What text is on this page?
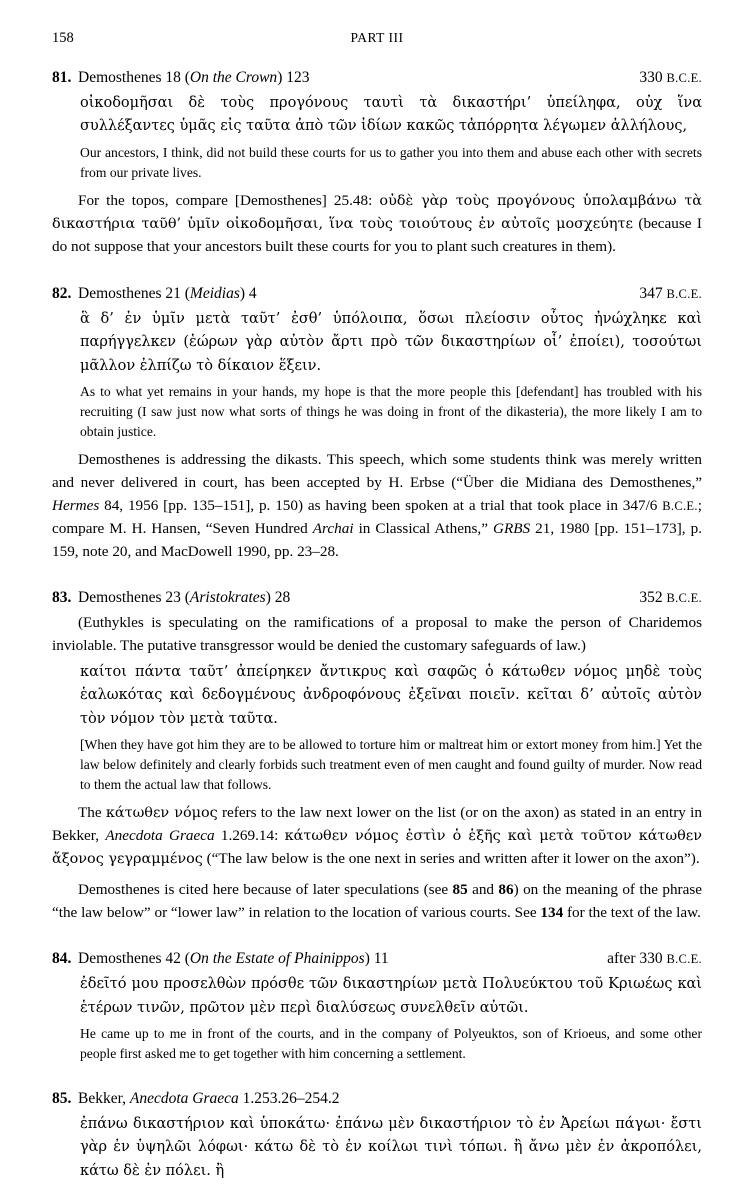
158	PART III
81. Demosthenes 18 (On the Crown) 123	330 B.C.E.
οἰκοδομῆσαι δὲ τοὺς προγόνους ταυτὶ τὰ δικαστήρι’ ὑπείληφα, οὐχ ἵνα συλλέξαντες ὑμᾶς εἰς ταῦτα ἀπὸ τῶν ἰδίων κακῶς τἀπόρρητα λέγωμεν ἀλλήλους,
Our ancestors, I think, did not build these courts for us to gather you into them and abuse each other with secrets from our private lives.
For the topos, compare [Demosthenes] 25.48: οὐδὲ γὰρ τοὺς προγόνους ὑπολαμβάνω τὰ δικαστήρια ταῦθ’ ὑμῖν οἰκοδομῆσαι, ἵνα τοὺς τοιούτους ἐν αὐτοῖς μοσχεύητε (because I do not suppose that your ancestors built these courts for you to plant such creatures in them).
82. Demosthenes 21 (Meidias) 4	347 B.C.E.
ἃ δ’ ἐν ὑμῖν μετὰ ταῦτ’ ἐσθ’ ὑπόλοιπα, ὅσωι πλείοσιν οὗτος ἠνώχληκε καὶ παρήγγελκεν (ἑώρων γὰρ αὐτὸν ἄρτι πρὸ τῶν δικαστηρίων οἷ’ ἐποίει), τοσούτωι μᾶλλον ἐλπίζω τὸ δίκαιον ἕξειν.
As to what yet remains in your hands, my hope is that the more people this [defendant] has troubled with his recruiting (I saw just now what sorts of things he was doing in front of the dikasteria), the more likely I am to obtain justice.
Demosthenes is addressing the dikasts. This speech, which some students think was merely written and never delivered in court, has been accepted by H. Erbse (“Über die Midiana des Demosthenes,” Hermes 84, 1956 [pp. 135–151], p. 150) as having been spoken at a trial that took place in 347/6 B.C.E.; compare M. H. Hansen, “Seven Hundred Archai in Classical Athens,” GRBS 21, 1980 [pp. 151–173], p. 159, note 20, and MacDowell 1990, pp. 23–28.
83. Demosthenes 23 (Aristokrates) 28	352 B.C.E.
(Euthykles is speculating on the ramifications of a proposal to make the person of Charidemos inviolable. The putative transgressor would be denied the customary safeguards of law.)
καίτοι πάντα ταῦτ’ ἀπείρηκεν ἄντικρυς καὶ σαφῶς ὁ κάτωθεν νόμος μηδὲ τοὺς ἑαλωκότας καὶ δεδογμένους ἀνδροφόνους ἐξεῖναι ποιεῖν. κεῖται δ’ αὐτοῖς αὐτὸν τὸν νόμον τὸν μετὰ ταῦτα.
[When they have got him they are to be allowed to torture him or maltreat him or extort money from him.] Yet the law below definitely and clearly forbids such treatment even of men caught and found guilty of murder. Now read to them the actual law that follows.
The κάτωθεν νόμος refers to the law next lower on the list (or on the axon) as stated in an entry in Bekker, Anecdota Graeca 1.269.14: κάτωθεν νόμος ἐστὶν ὁ ἑξῆς καὶ μετὰ τοῦτον κάτωθεν ἄξονος γεγραμμένος (“The law below is the one next in series and written after it lower on the axon”).
Demosthenes is cited here because of later speculations (see 85 and 86) on the meaning of the phrase “the law below” or “lower law” in relation to the location of various courts. See 134 for the text of the law.
84. Demosthenes 42 (On the Estate of Phainippos) 11	after 330 B.C.E.
ἐδεῖτό μου προσελθὼν πρόσθε τῶν δικαστηρίων μετὰ Πολυεύκτου τοῦ Κριωέως καὶ ἑτέρων τινῶν, πρῶτον μὲν περὶ διαλύσεως συνελθεῖν αὐτῶι.
He came up to me in front of the courts, and in the company of Polyeuktos, son of Krioeus, and some other people first asked me to get together with him concerning a settlement.
85. Bekker, Anecdota Graeca 1.253.26–254.2
ἐπάνω δικαστήριον καὶ ὑποκάτω· ἐπάνω μὲν δικαστήριον τὸ ἐν Ἀρείωι πάγωι· ἔστι γὰρ ἐν ὑψηλῶι λόφωι· κάτω δὲ τὸ ἐν κοίλωι τινὶ τόπωι. ἢ ἄνω μὲν ἐν ἀκροπόλει, κάτω δὲ ἐν πόλει. ἢ
